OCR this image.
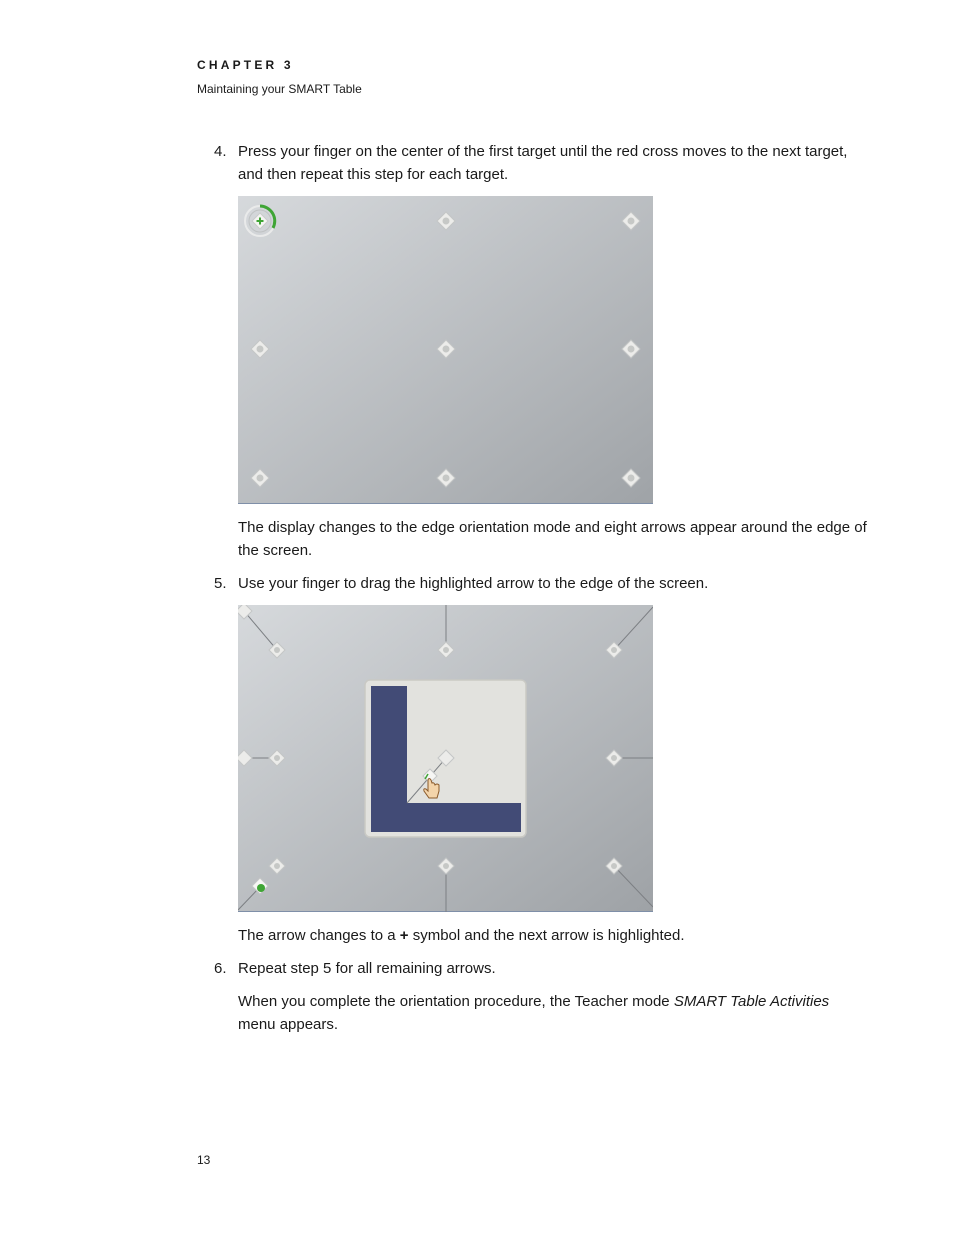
CHAPTER 3
Maintaining your SMART Table
4. Press your finger on the center of the first target until the red cross moves to the next target, and then repeat this step for each target.
The display changes to the edge orientation mode and eight arrows appear around the edge of the screen.
5. Use your finger to drag the highlighted arrow to the edge of the screen.
The arrow changes to a + symbol and the next arrow is highlighted.
6. Repeat step 5 for all remaining arrows.
When you complete the orientation procedure, the Teacher mode SMART Table Activities menu appears.
13
